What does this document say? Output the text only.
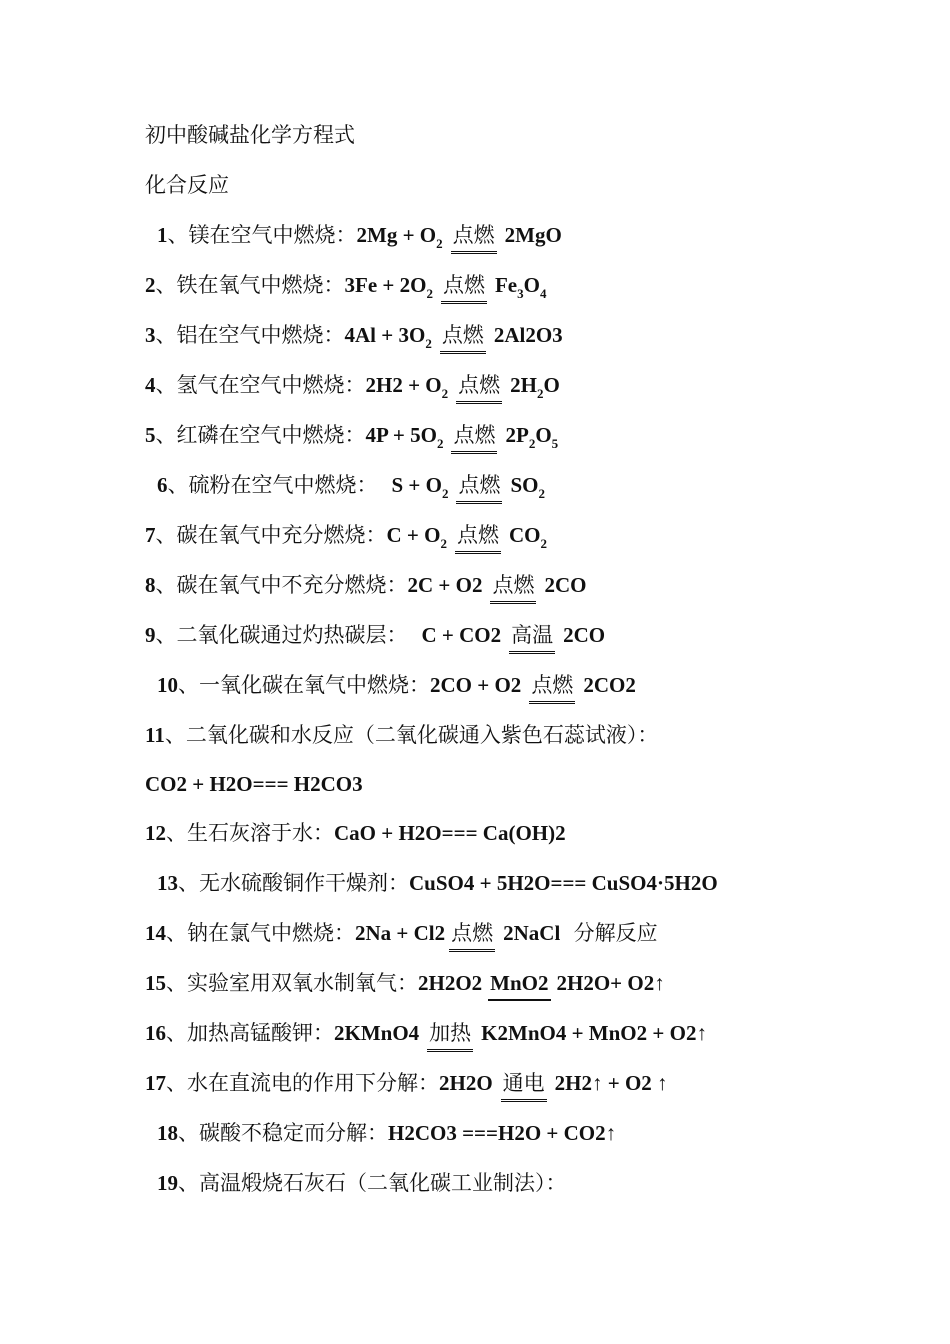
初中酸碱盐化学方程式
化合反应
1、镁在空气中燃烧：$2Mg + O_2$ 点燃 2MgO
2、铁在氧气中燃烧：$3Fe + 2O_2$ 点燃 $Fe_3O_4$
3、铝在空气中燃烧：$4Al + 3O_2$ 点燃 2Al2O3
4、氢气在空气中燃烧：$2H2 + O_2$ 点燃 $2H_2O$
5、红磷在空气中燃烧：$4P + 5O_2$ 点燃 $2P_2O_5$
6、硫粉在空气中燃烧： $S + O_2$ 点燃 $SO_2$
7、碳在氧气中充分燃烧：$C + O_2$ 点燃 $CO_2$
8、碳在氧气中不充分燃烧：2C + O2 点燃 2CO
9、二氧化碳通过灼热碳层： C + CO2 高温 2CO
10、一氧化碳在氧气中燃烧：2CO + O2 点燃 2CO2
11、二氧化碳和水反应（二氧化碳通入紫色石蕊试液）：
CO2 + H2O=== H2CO3
12、生石灰溶于水：CaO + H2O=== Ca(OH)2
13、无水硫酸铜作干燥剂：CuSO4 + 5H2O=== CuSO4·5H2O
14、钠在氯气中燃烧：2Na + Cl2 点燃 2NaCl 分解反应
15、实验室用双氧水制氧气：2H2O2 MnO2 2H2O+ O2↑
16、加热高锰酸钾：2KMnO4 加热 K2MnO4 + MnO2 + O2↑
17、水在直流电的作用下分解：2H2O 通电 2H2↑ + O2 ↑
18、碳酸不稳定而分解：H2CO3 ===H2O + CO2↑
19、高温煅烧石灰石（二氧化碳工业制法）：
